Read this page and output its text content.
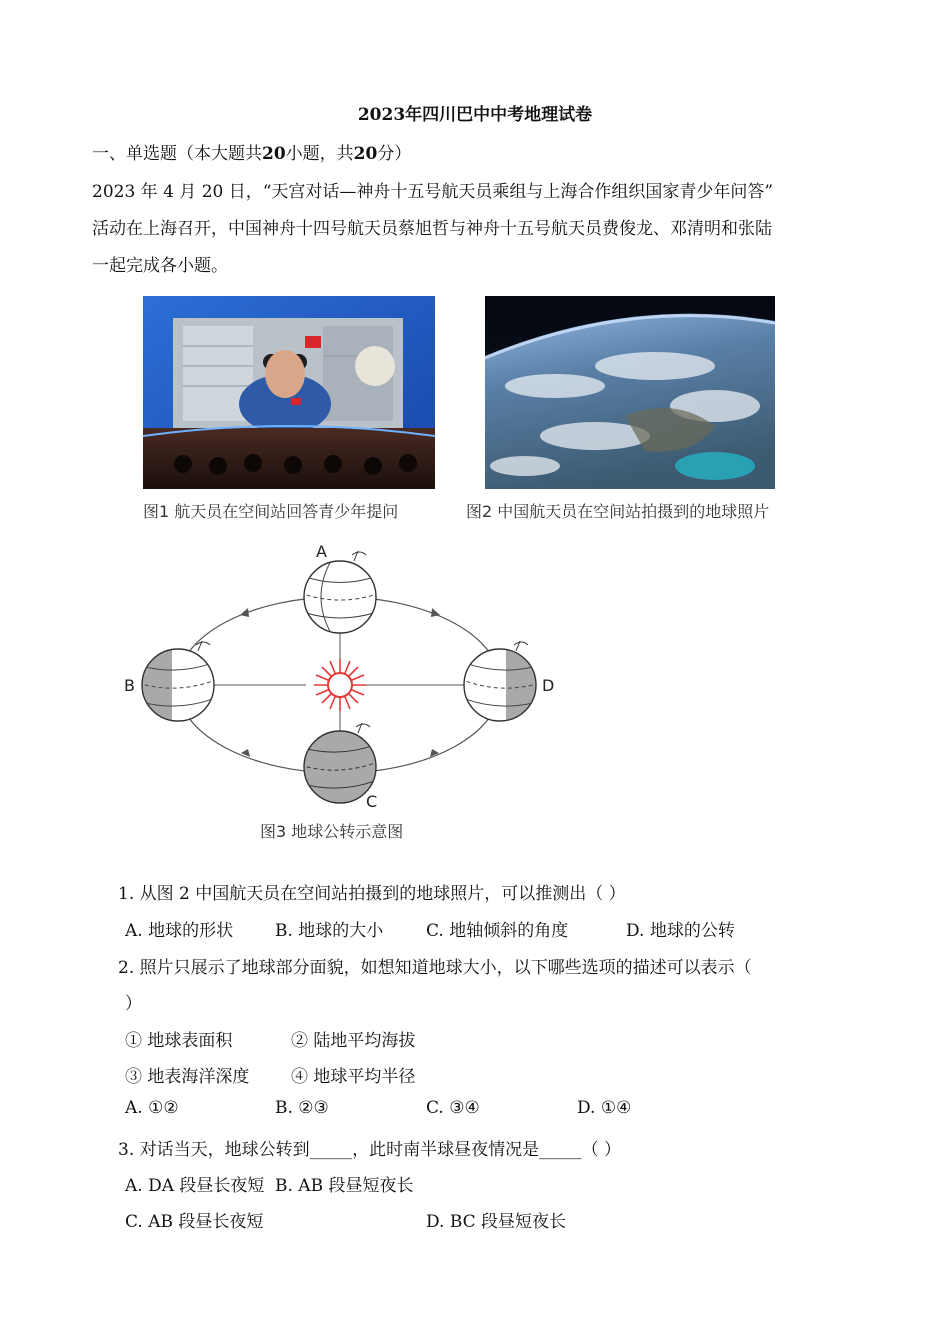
2023年四川巴中中考地理试卷
一、单选题（本大题共20小题，共20分）
2023 年 4 月 20 日，“天宫对话—神舟十五号航天员乘组与上海合作组织国家青少年问答”
活动在上海召开，中国神舟十四号航天员蔡旭哲与神舟十五号航天员费俊龙、邓清明和张陆
一起完成各小题。
图1 航天员在空间站回答青少年提问	图2 中国航天员在空间站拍摄到的地球照片
A
B
C
D
图3 地球公转示意图
1. 从图 2 中国航天员在空间站拍摄到的地球照片，可以推测出（ ）
A. 地球的形状 B. 地球的大小	C. 地轴倾斜的角度	D. 地球的公转
2. 照片只展示了地球部分面貌，如想知道地球大小，以下哪些选项的描述可以表示（
）
① 地球表面积	② 陆地平均海拔
③ 地表海洋深度 ④ 地球平均半径
A. ①②	B. ②③	C. ③④	D. ①④
3. 对话当天，地球公转到_____，此时南半球昼夜情况是_____（ ）
A. DA 段昼长夜短 B. AB 段昼短夜长
C. AB 段昼长夜短	D. BC 段昼短夜长
